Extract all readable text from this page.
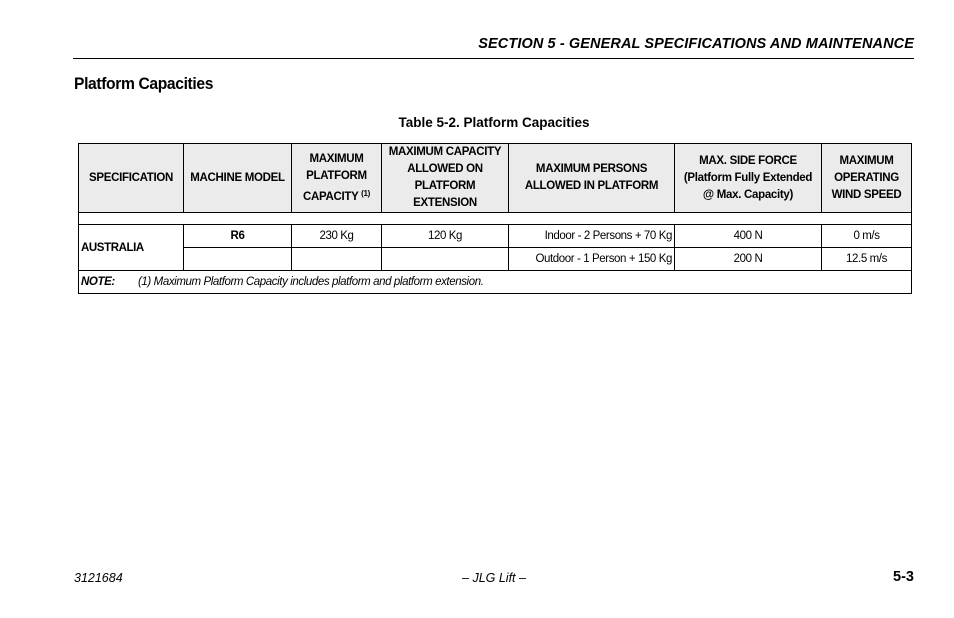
SECTION 5 - GENERAL SPECIFICATIONS AND MAINTENANCE
Platform Capacities
Table 5-2. Platform Capacities
SPECIFICATION	MACHINE MODEL	MAXIMUM PLATFORM CAPACITY $^{(1)}$	MAXIMUM CAPACITY ALLOWED ON PLATFORM EXTENSION	MAXIMUM PERSONS ALLOWED IN PLATFORM	MAX. SIDE FORCE (Platform Fully Extended @ Max. Capacity)	MAXIMUM OPERATING WIND SPEED

AUSTRALIA	R6	230 Kg	120 Kg	Indoor - 2 Persons + 70 Kg	400 N	0 m/s
				Outdoor - 1 Person + 150 Kg	200 N	12.5 m/s
NOTE: (1) Maximum Platform Capacity includes platform and platform extension.						
3121684	– JLG Lift –	5-3
